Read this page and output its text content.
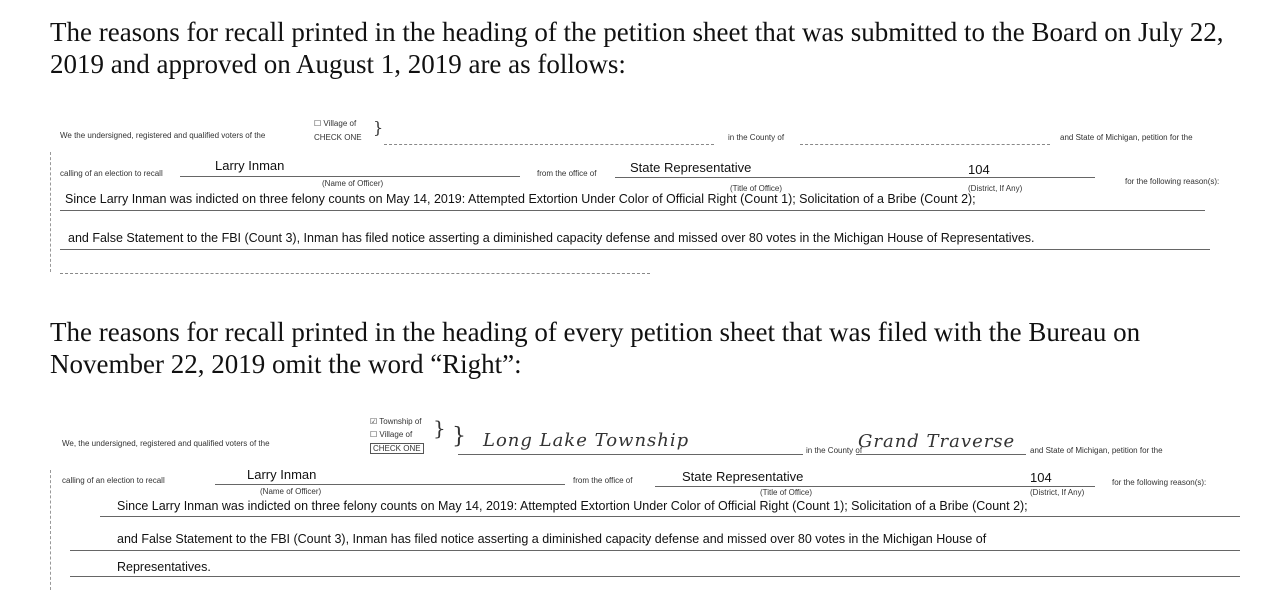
The reasons for recall printed in the heading of the petition sheet that was submitted to the Board on July 22, 2019 and approved on August 1, 2019 are as follows:
We the undersigned, registered and qualified voters of the
☐ Village of
CHECK ONE
}
in the County of	and State of Michigan, petition for the
calling of an election to recall
Larry Inman
(Name of Officer)
from the office of	State Representative
(Title of Office)
104
(District, If Any)
for the following reason(s):
Since Larry Inman was indicted on three felony counts on May 14, 2019: Attempted Extortion Under Color of Official Right (Count 1); Solicitation of a Bribe (Count 2);
and False Statement to the FBI (Count 3), Inman has filed notice asserting a diminished capacity defense and missed over 80 votes in the Michigan House of Representatives.
The reasons for recall printed in the heading of every petition sheet that was filed with the Bureau on November 22, 2019 omit the word “Right”:
☑ Township of
☐ Village of
CHECK ONE
} }
We, the undersigned, registered and qualified voters of the	Long Lake Township	in the County of
Grand Traverse and State of Michigan, petition for the
calling of an election to recall	Larry Inman
(Name of Officer)
from the office of	State Representative
(Title of Office)
104
(District, If Any)
for the following reason(s):
Since Larry Inman was indicted on three felony counts on May 14, 2019: Attempted Extortion Under Color of Official Right (Count 1); Solicitation of a Bribe (Count 2);
and False Statement to the FBI (Count 3), Inman has filed notice asserting a diminished capacity defense and missed over 80 votes in the Michigan House of
Representatives.
